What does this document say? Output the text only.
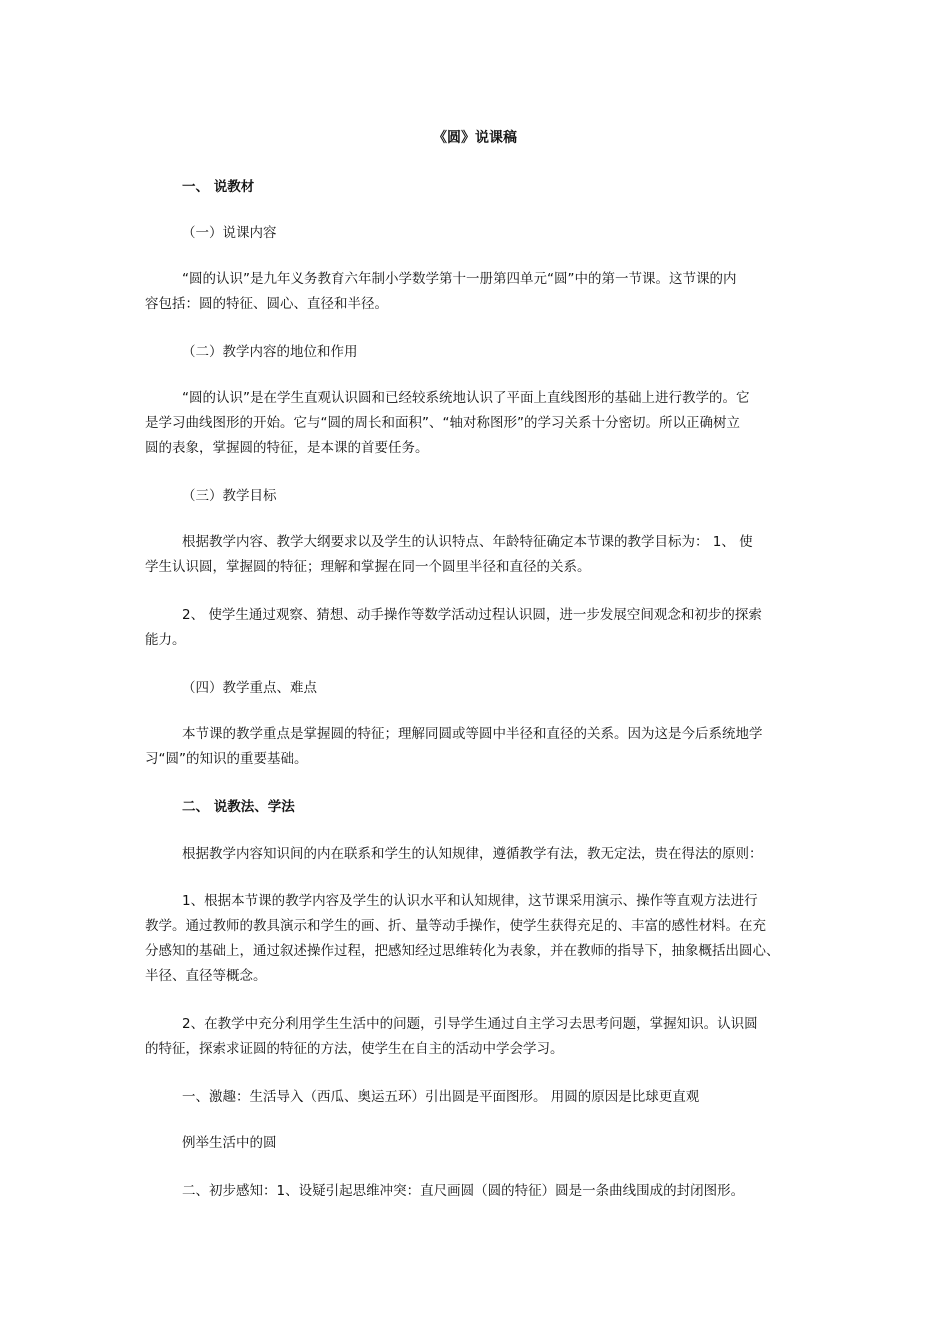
《圆》说课稿
一、 说教材
（一）说课内容
“圆的认识”是九年义务教育六年制小学数学第十一册第四单元“圆”中的第一节课。这节课的内
容包括：圆的特征、圆心、直径和半径。
（二）教学内容的地位和作用
“圆的认识”是在学生直观认识圆和已经较系统地认识了平面上直线图形的基础上进行教学的。它
是学习曲线图形的开始。它与“圆的周长和面积”、“轴对称图形”的学习关系十分密切。所以正确树立
圆的表象，掌握圆的特征，是本课的首要任务。
（三）教学目标
根据教学内容、教学大纲要求以及学生的认识特点、年龄特征确定本节课的教学目标为： 1、 使
学生认识圆，掌握圆的特征；理解和掌握在同一个圆里半径和直径的关系。
2、 使学生通过观察、猜想、动手操作等数学活动过程认识圆，进一步发展空间观念和初步的探索
能力。
（四）教学重点、难点
本节课的教学重点是掌握圆的特征；理解同圆或等圆中半径和直径的关系。因为这是今后系统地学
习“圆”的知识的重要基础。
二、 说教法、学法
根据教学内容知识间的内在联系和学生的认知规律，遵循教学有法，教无定法，贵在得法的原则：
1、根据本节课的教学内容及学生的认识水平和认知规律，这节课采用演示、操作等直观方法进行
教学。通过教师的教具演示和学生的画、折、量等动手操作，使学生获得充足的、丰富的感性材料。在充
分感知的基础上，通过叙述操作过程，把感知经过思维转化为表象，并在教师的指导下，抽象概括出圆心、
半径、直径等概念。
2、在教学中充分利用学生生活中的问题，引导学生通过自主学习去思考问题，掌握知识。认识圆
的特征，探索求证圆的特征的方法，使学生在自主的活动中学会学习。
一、激趣：生活导入（西瓜、奥运五环）引出圆是平面图形。 用圆的原因是比球更直观
例举生活中的圆
二、初步感知：1、设疑引起思维冲突：直尺画圆（圆的特征）圆是一条曲线围成的封闭图形。
